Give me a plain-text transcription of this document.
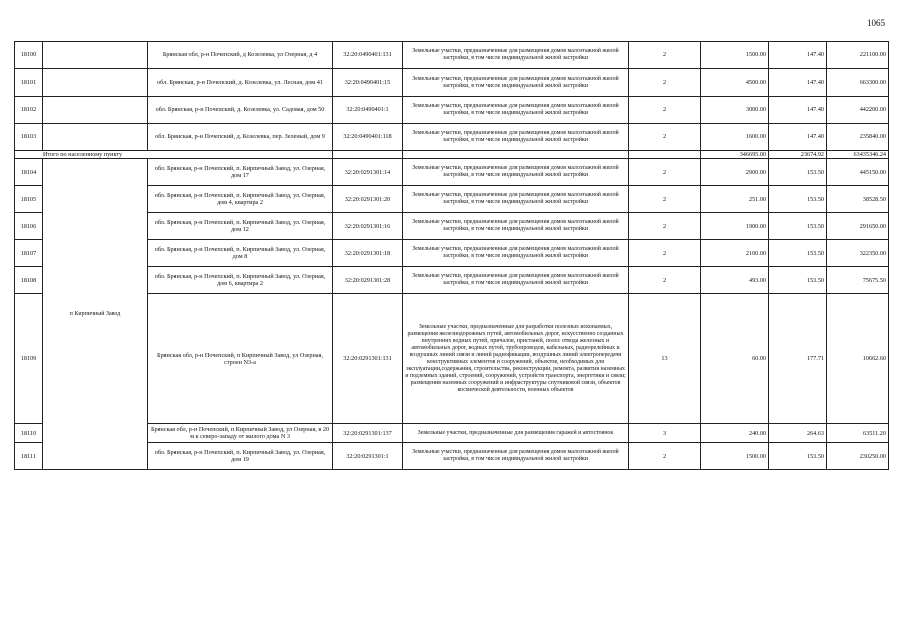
1065
18100		Брянская обл, р-н Почепский, д Козелевка, ул Озерная, д 4	32:20:0490401:131	Земельные участки, предназначенные для размещения домов малоэтажной жилой застройки, в том числе индивидуальной жилой застройки	2	1500.00	147.40	221100.00
18101		обл. Брянская, р-н Почепский, д. Козелевка, ул. Лесная, дом 41	32:20:0490401:15	Земельные участки, предназначенные для размещения домов малоэтажной жилой застройки, в том числе индивидуальной жилой застройки	2	4500.00	147.40	663300.00
18102		обл. Брянская, р-н Почепский, д. Козелевка, ул. Садовая, дом 50	32:20:0490401:1	Земельные участки, предназначенные для размещения домов малоэтажной жилой застройки, в том числе индивидуальной жилой застройки	2	3000.00	147.40	442200.00
18103		обл. Брянская, р-н Почепский, д. Козелевка, пер. Зеленый, дом 9	32:20:0490401:118	Земельные участки, предназначенные для размещения домов малоэтажной жилой застройки, в том числе индивидуальной жилой застройки	2	1600.00	147.40	235840.00
Итого по населенному пункту						346695.00	23674.92	63435346.24
18104	п Кирпичный Завод	обл. Брянская, р-н Почепский, п. Кирпичный Завод, ул. Озерная, дом 17	32:20:0291301:14	Земельные участки, предназначенные для размещения домов малоэтажной жилой застройки, в том числе индивидуальной жилой застройки	2	2900.00	153.50	445150.00
18105		обл. Брянская, р-н Почепский, п. Кирпичный Завод, ул. Озерная, дом 4, квартира 2	32:20:0291301:20	Земельные участки, предназначенные для размещения домов малоэтажной жилой застройки, в том числе индивидуальной жилой застройки	2	251.00	153.50	38528.50
18106		обл. Брянская, р-н Почепский, п. Кирпичный Завод, ул. Озерная, дом 12	32:20:0291301:16	Земельные участки, предназначенные для размещения домов малоэтажной жилой застройки, в том числе индивидуальной жилой застройки	2	1900.00	153.50	291650.00
18107		обл. Брянская, р-н Почепский, п. Кирпичный Завод, ул. Озерная, дом 8	32:20:0291301:18	Земельные участки, предназначенные для размещения домов малоэтажной жилой застройки, в том числе индивидуальной жилой застройки	2	2100.00	153.50	322350.00
18108		обл. Брянская, р-н Почепский, п. Кирпичный Завод, ул. Озерная, дом 6, квартира 2	32:20:0291301:28	Земельные участки, предназначенные для размещения домов малоэтажной жилой застройки, в том числе индивидуальной жилой застройки	2	493.00	153.50	75675.50
18109		Брянская обл, р-н Почепский, п Кирпичный Завод, ул Озерная, строен N3-а	32:20:0291301:131	Земельные участки, предназначенные для разработки полезных ископаемых, размещения железнодорожных путей, автомобильных дорог, искусственно созданных внутренних водных путей, причалов, пристаней, полос отвода железных и автомобильных дорог, водных путей, трубопроводов, кабельных, радиорелейных и воздушных линий связи и линий радиофикации, воздушных линий электропередачи конструктивных элементов и сооружений, объектов, необходимых для эксплуатации,содержания, строительства, реконструкции, ремонта, развития наземных и подземных зданий, строений, сооружений, устройств транспорта, энергетики и связи; размещения наземных сооружений и инфраструктуры спутниковой связи, объектов космической деятельности, военных объектов	13	60.00	177.71	10662.60
18110		Брянская обл, р-н Почепский, п Кирпичный Завод, ул Озерная, в 20 м к северо-западу от жилого дома N 3	32:20:0291301:137	Земельные участки, предназначенные для размещения гаражей и автостоянок	3	240.00	264.63	63511.20
18111		обл. Брянская, р-н Почепский, п. Кирпичный Завод, ул. Озерная, дом 19	32:20:0291301:1	Земельные участки, предназначенные для размещения домов малоэтажной жилой застройки, в том числе индивидуальной жилой застройки	2	1500.00	153.50	230250.00
